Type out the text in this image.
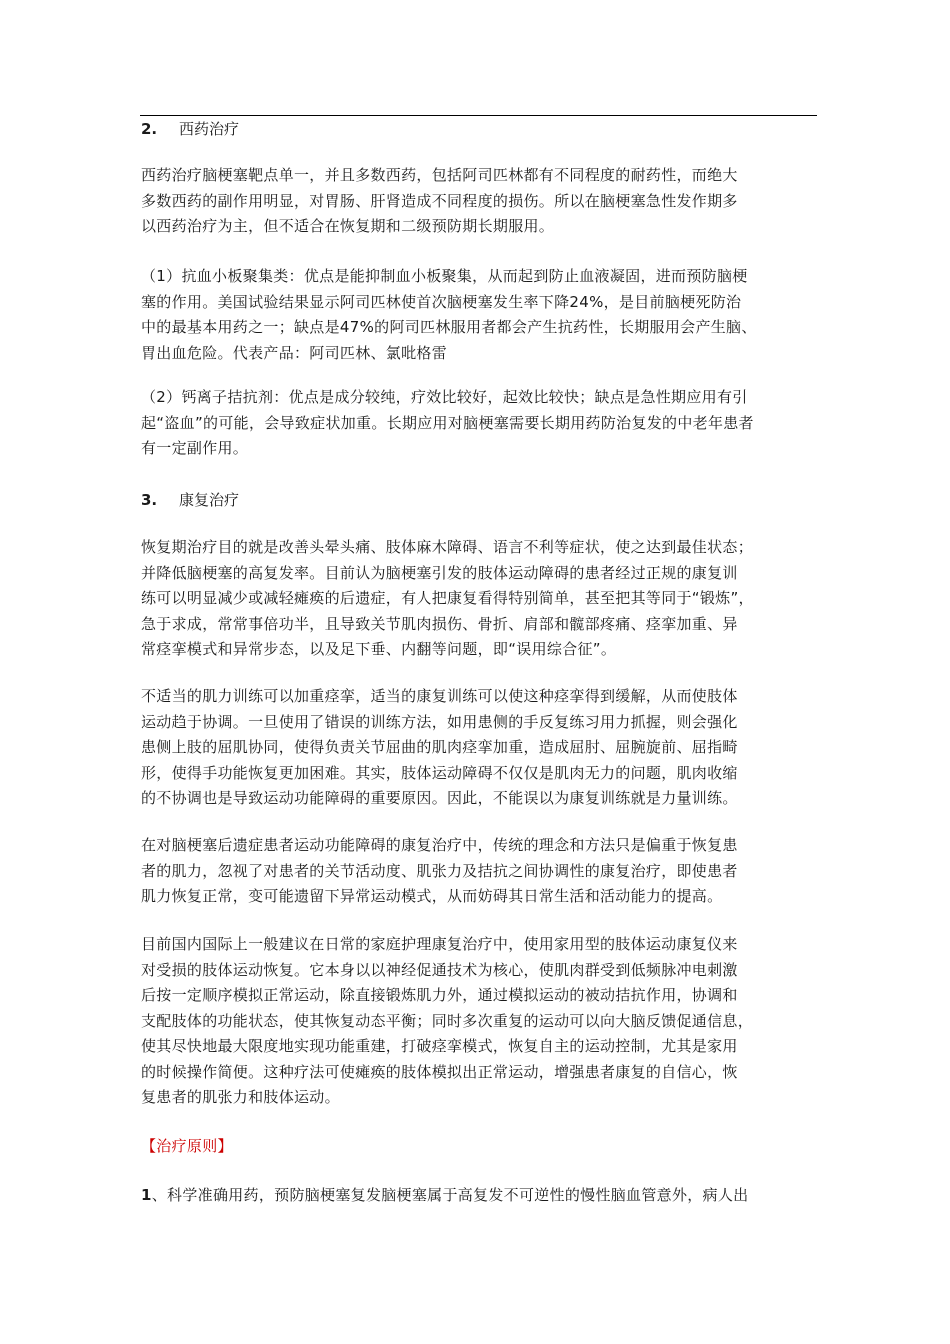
2. 西药治疗

西药治疗脑梗塞靶点单一，并且多数西药，包括阿司匹林都有不同程度的耐药性，而绝大
多数西药的副作用明显，对胃肠、肝肾造成不同程度的损伤。所以在脑梗塞急性发作期多
以西药治疗为主，但不适合在恢复期和二级预防期长期服用。

（1）抗血小板聚集类：优点是能抑制血小板聚集，从而起到防止血液凝固，进而预防脑梗
塞的作用。美国试验结果显示阿司匹林使首次脑梗塞发生率下降24%，是目前脑梗死防治
中的最基本用药之一；缺点是47%的阿司匹林服用者都会产生抗药性，长期服用会产生脑、
胃出血危险。代表产品：阿司匹林、氯吡格雷

（2）钙离子拮抗剂：优点是成分较纯，疗效比较好，起效比较快；缺点是急性期应用有引
起“盗血”的可能，会导致症状加重。长期应用对脑梗塞需要长期用药防治复发的中老年患者
有一定副作用。

3. 康复治疗

恢复期治疗目的就是改善头晕头痛、肢体麻木障碍、语言不利等症状，使之达到最佳状态；
并降低脑梗塞的高复发率。目前认为脑梗塞引发的肢体运动障碍的患者经过正规的康复训
练可以明显减少或减轻瘫痪的后遗症，有人把康复看得特别简单，甚至把其等同于“锻炼”，
急于求成，常常事倍功半，且导致关节肌肉损伤、骨折、肩部和髋部疼痛、痉挛加重、异
常痉挛模式和异常步态，以及足下垂、内翻等问题，即“误用综合征”。

不适当的肌力训练可以加重痉挛，适当的康复训练可以使这种痉挛得到缓解，从而使肢体
运动趋于协调。一旦使用了错误的训练方法，如用患侧的手反复练习用力抓握，则会强化
患侧上肢的屈肌协同，使得负责关节屈曲的肌肉痉挛加重，造成屈肘、屈腕旋前、屈指畸
形，使得手功能恢复更加困难。其实，肢体运动障碍不仅仅是肌肉无力的问题，肌肉收缩
的不协调也是导致运动功能障碍的重要原因。因此，不能误以为康复训练就是力量训练。

在对脑梗塞后遗症患者运动功能障碍的康复治疗中，传统的理念和方法只是偏重于恢复患
者的肌力，忽视了对患者的关节活动度、肌张力及拮抗之间协调性的康复治疗，即使患者
肌力恢复正常，变可能遗留下异常运动模式，从而妨碍其日常生活和活动能力的提高。

目前国内国际上一般建议在日常的家庭护理康复治疗中，使用家用型的肢体运动康复仪来
对受损的肢体运动恢复。它本身以以神经促通技术为核心，使肌肉群受到低频脉冲电刺激
后按一定顺序模拟正常运动，除直接锻炼肌力外，通过模拟运动的被动拮抗作用，协调和
支配肢体的功能状态，使其恢复动态平衡；同时多次重复的运动可以向大脑反馈促通信息，
使其尽快地最大限度地实现功能重建，打破痉挛模式，恢复自主的运动控制，尤其是家用
的时候操作简便。这种疗法可使瘫痪的肢体模拟出正常运动，增强患者康复的自信心，恢
复患者的肌张力和肢体运动。

【治疗原则】

1、科学准确用药，预防脑梗塞复发脑梗塞属于高复发不可逆性的慢性脑血管意外，病人出
